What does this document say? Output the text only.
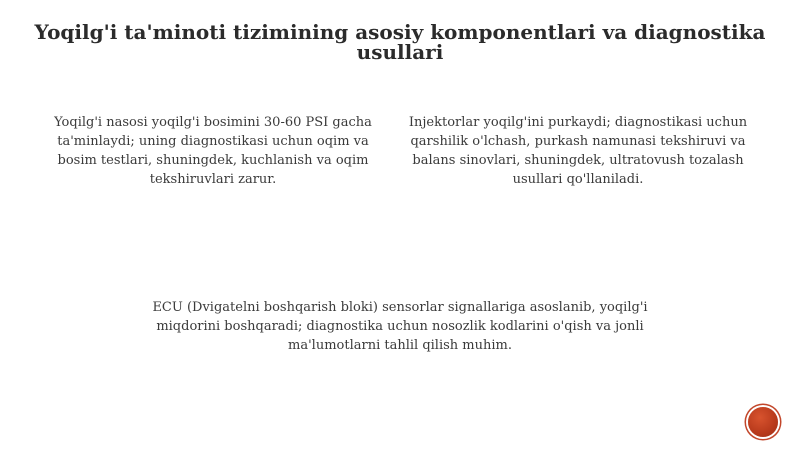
Yoqilg'i ta'minoti tizimining asosiy komponentlari va diagnostika usullari

Yoqilg'i nasosi yoqilg'i bosimini 30-60 PSI gacha ta'minlaydi; uning diagnostikasi uchun oqim va bosim testlari, shuningdek, kuchlanish va oqim tekshiruvlari zarur.

Injektorlar yoqilg'ini purkaydi; diagnostikasi uchun qarshilik o'lchash, purkash namunasi tekshiruvi va balans sinovlari, shuningdek, ultratovush tozalash usullari qo'llaniladi.

ECU (Dvigatelni boshqarish bloki) sensorlar signallariga asoslanib, yoqilg'i miqdorini boshqaradi; diagnostika uchun nosozlik kodlarini o'qish va jonli ma'lumotlarni tahlil qilish muhim.
